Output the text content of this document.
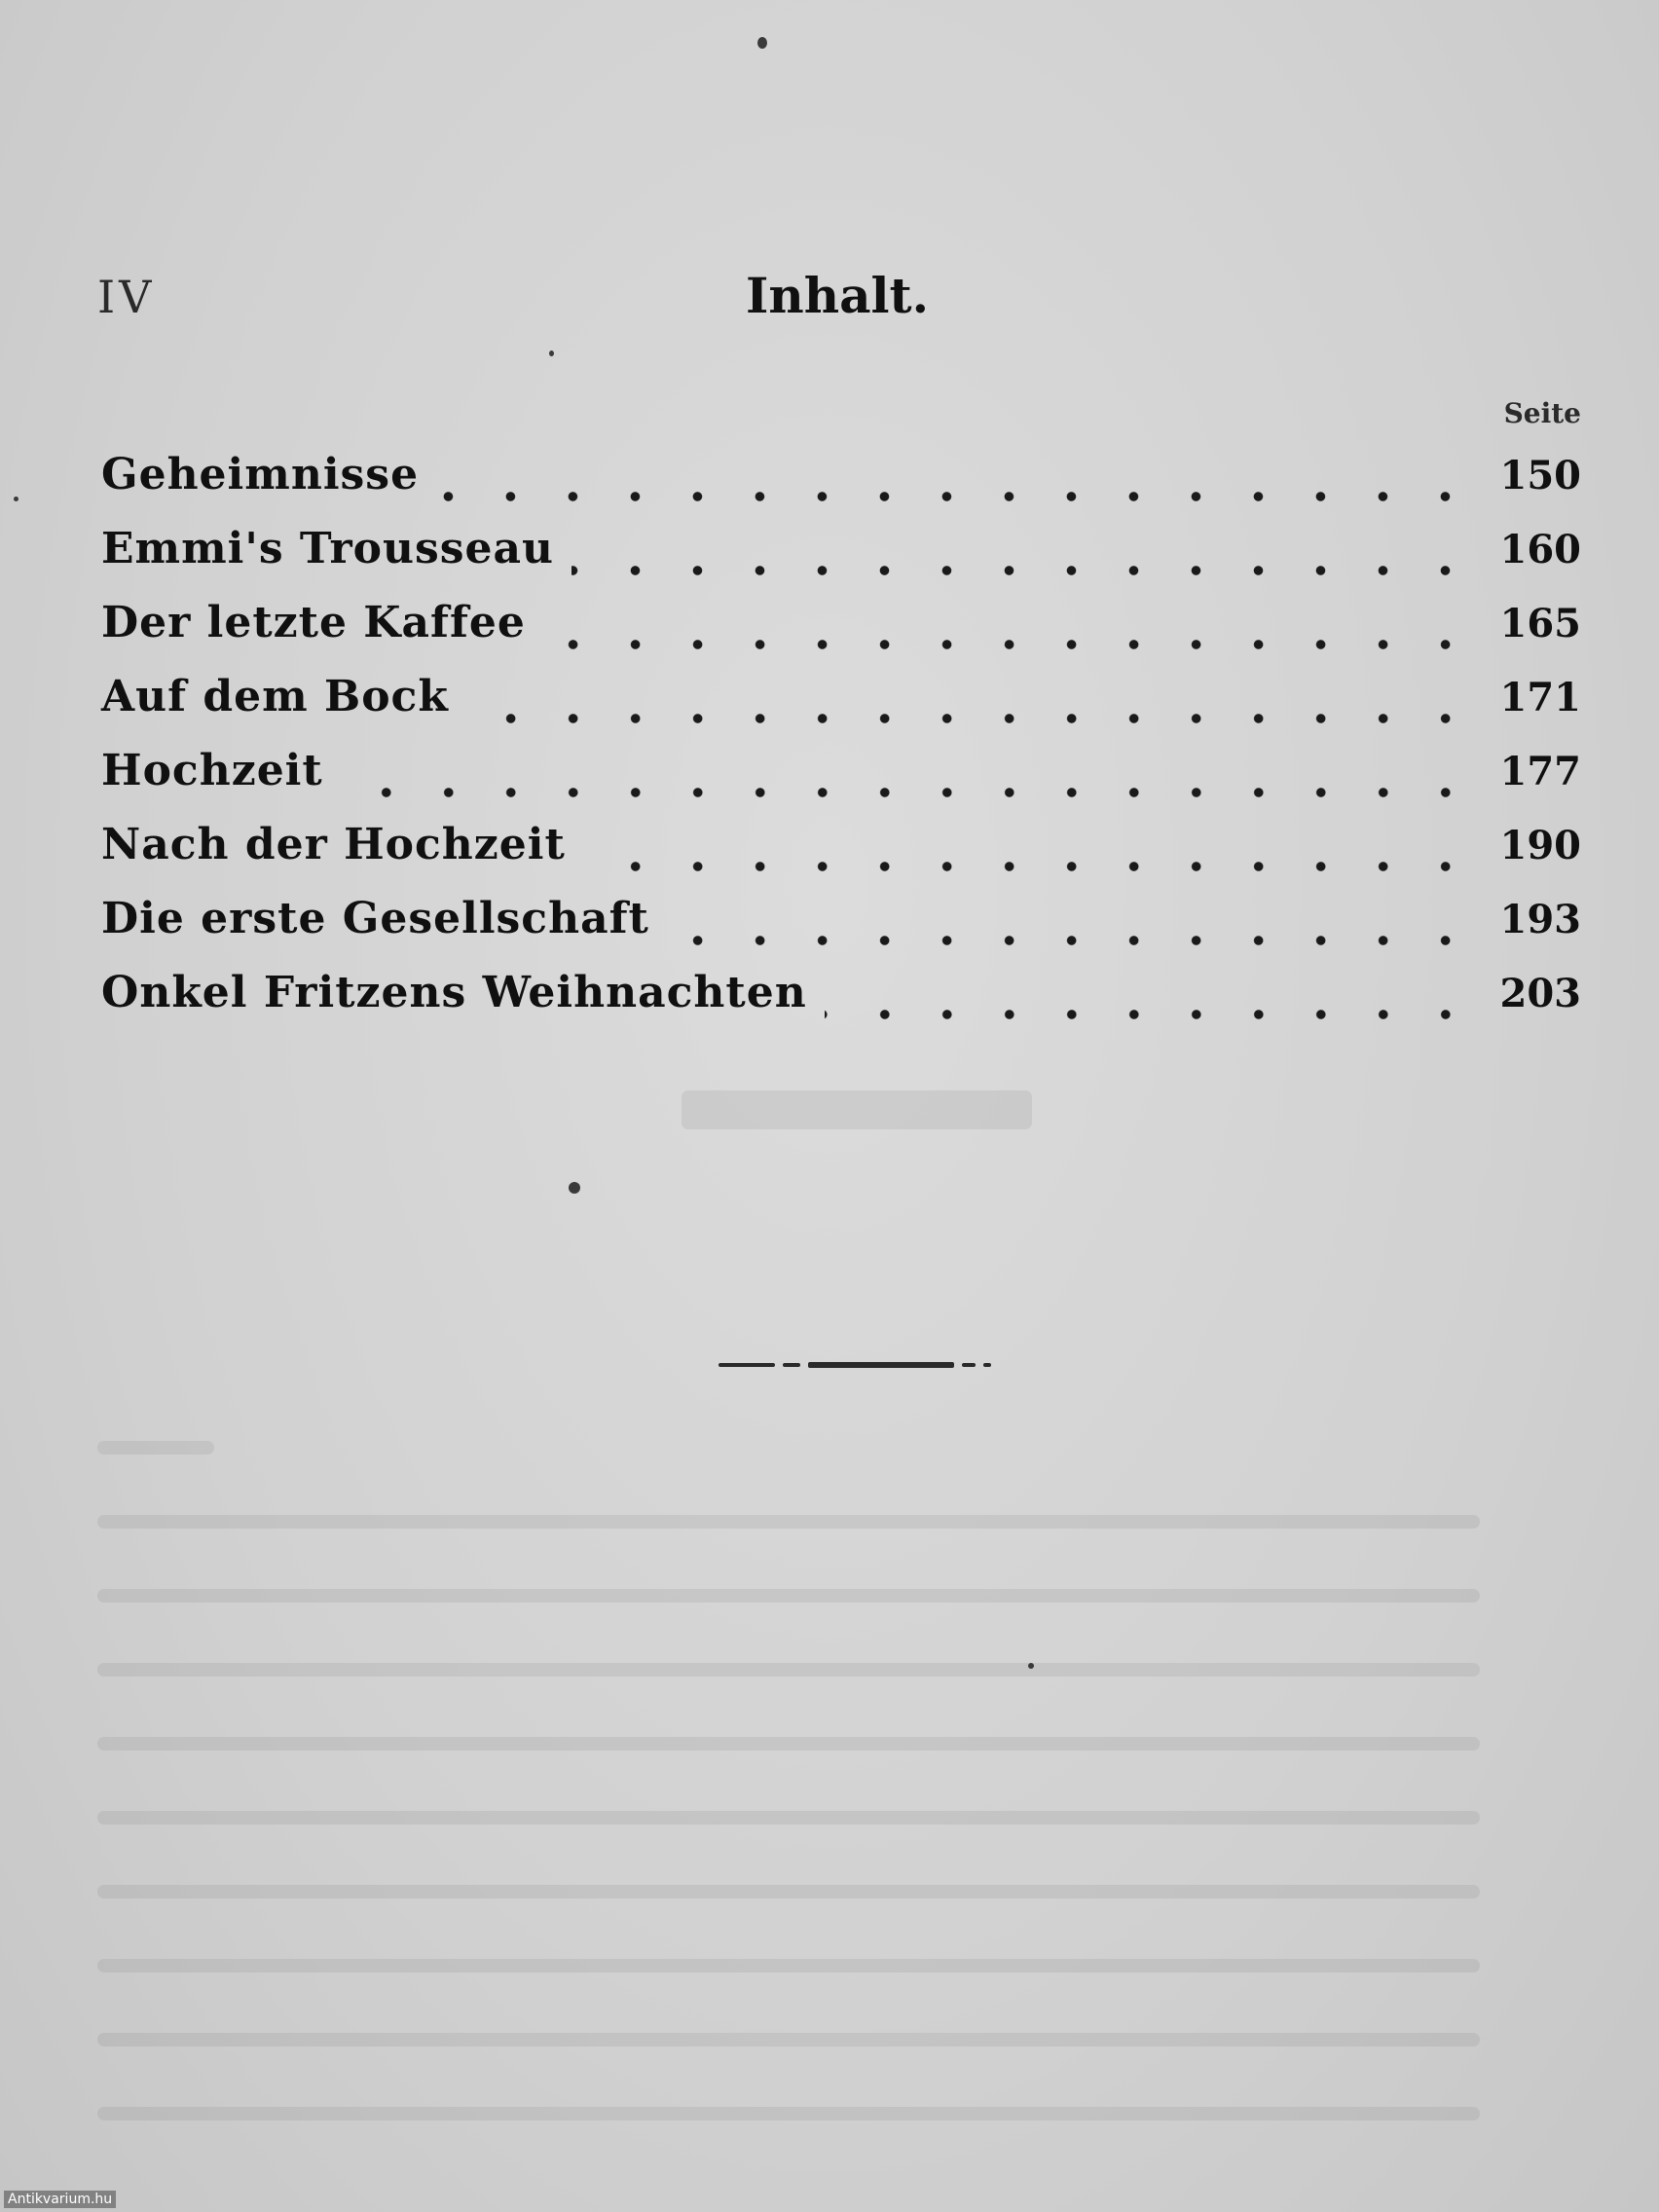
IV	Inhalt.
Seite
Geheimnisse	150
Emmi's Trousseau	160
Der letzte Kaffee	165
Auf dem Bock	171
Hochzeit	177
Nach der Hochzeit	190
Die erste Gesellschaft	193
Onkel Fritzens Weihnachten	203
Antikvarium.hu
